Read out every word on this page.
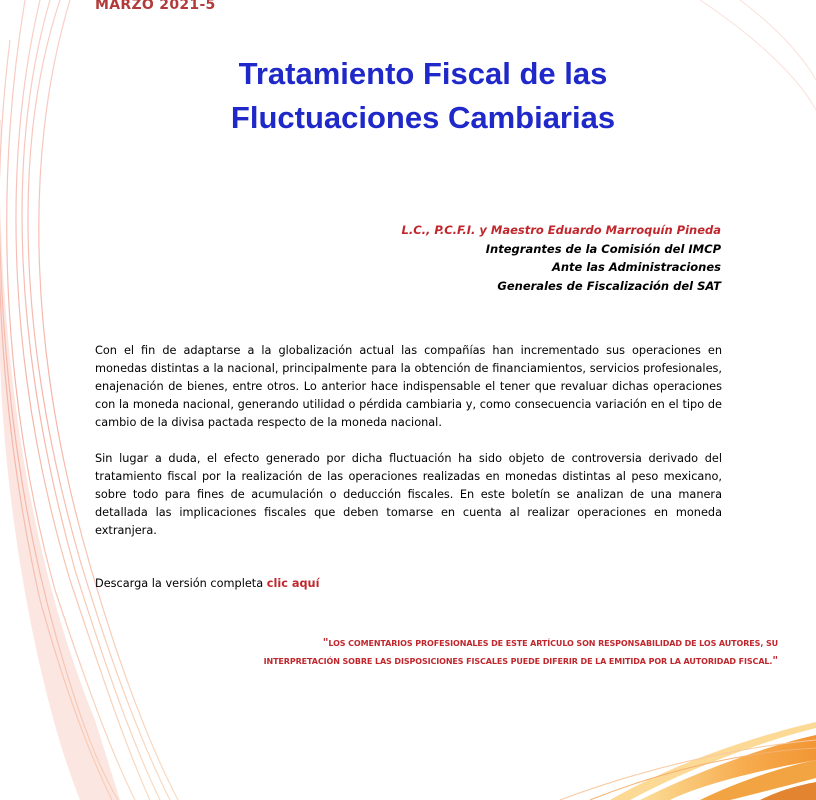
MARZO 2021-5
Tratamiento Fiscal de las
Fluctuaciones Cambiarias
L.C., P.C.F.I. y Maestro Eduardo Marroquín Pineda
Integrantes de la Comisión del IMCP
Ante las Administraciones
Generales de Fiscalización del SAT

Con el fin de adaptarse a la globalización actual las compañías han incrementado sus operaciones en monedas distintas a la nacional, principalmente para la obtención de financiamientos, servicios profesionales, enajenación de bienes, entre otros. Lo anterior hace indispensable el tener que revaluar dichas operaciones con la moneda nacional, generando utilidad o pérdida cambiaria y, como consecuencia variación en el tipo de cambio de la divisa pactada respecto de la moneda nacional.

Sin lugar a duda, el efecto generado por dicha fluctuación ha sido objeto de controversia derivado del tratamiento fiscal por la realización de las operaciones realizadas en monedas distintas al peso mexicano, sobre todo para fines de acumulación o deducción fiscales. En este boletín se analizan de una manera detallada las implicaciones fiscales que deben tomarse en cuenta al realizar operaciones en moneda extranjera.

Descarga la versión completa clic aquí
"LOS COMENTARIOS PROFESIONALES DE ESTE ARTÍCULO SON RESPONSABILIDAD DE LOS AUTORES, SU
INTERPRETACIÓN SOBRE LAS DISPOSICIONES FISCALES PUEDE DIFERIR DE LA EMITIDA POR LA AUTORIDAD FISCAL."
